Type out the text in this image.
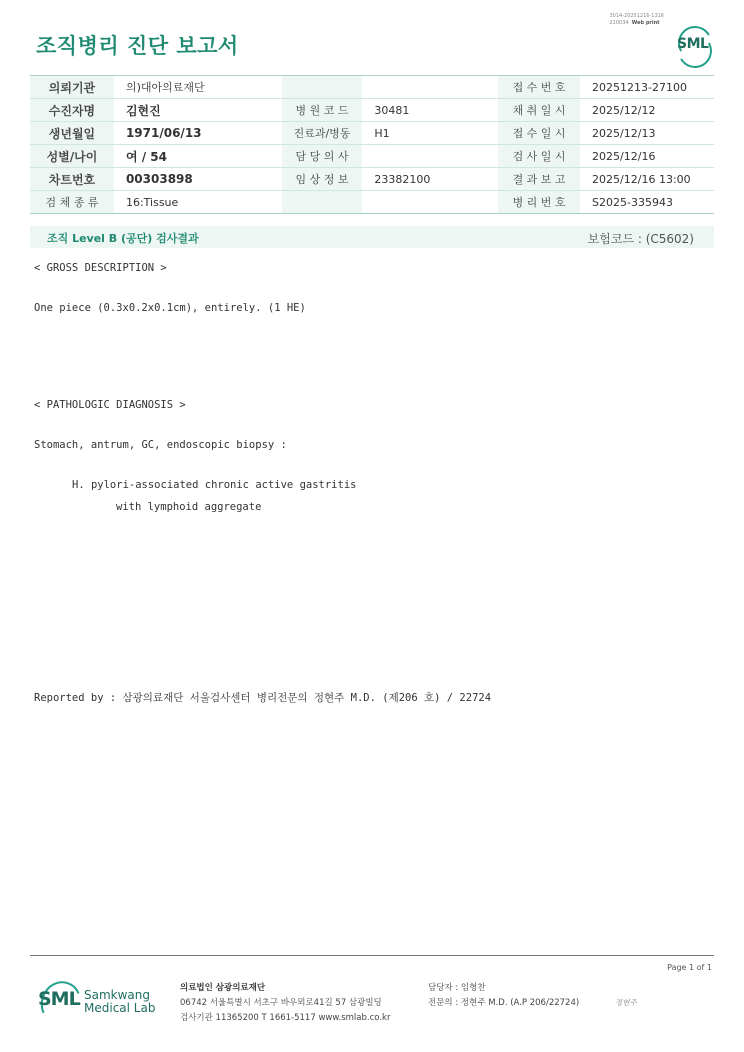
조직병리 진단 보고서
3014-20251216-1316
210034 Web print
SML
의뢰기관	의)대아의료재단			접 수 번 호	20251213-27100
수진자명	김현진	병 원 코 드	30481	채 취 일 시	2025/12/12
생년월일	1971/06/13	진료과/병동	H1	접 수 일 시	2025/12/13
성별/나이	여 / 54	담 당 의 사		검 사 일 시	2025/12/16
차트번호	00303898	임 상 정 보	23382100	결 과 보 고	2025/12/16 13:00
검 체 종 류	16:Tissue			병 리 번 호	S2025-335943
조직 Level B (공단) 검사결과	보험코드 : (C5602)
< GROSS DESCRIPTION >
One piece (0.3x0.2x0.1cm), entirely. (1 HE)
< PATHOLOGIC DIAGNOSIS >
Stomach, antrum, GC, endoscopic biopsy :
H. pylori-associated chronic active gastritis
with lymphoid aggregate
Reported by : 삼광의료재단 서울검사센터 병리전문의 정현주 M.D. (제206 호) / 22724
Page 1 of 1
SML Samkwang
Medical Lab
의료법인 삼광의료재단
06742 서울특별시 서초구 바우뫼로41길 57 삼광빌딩
검사기관 11365200 T 1661-5117 www.smlab.co.kr
담당자 : 임형찬
전문의 : 정현주 M.D. (A.P 206/22724)	정현주
